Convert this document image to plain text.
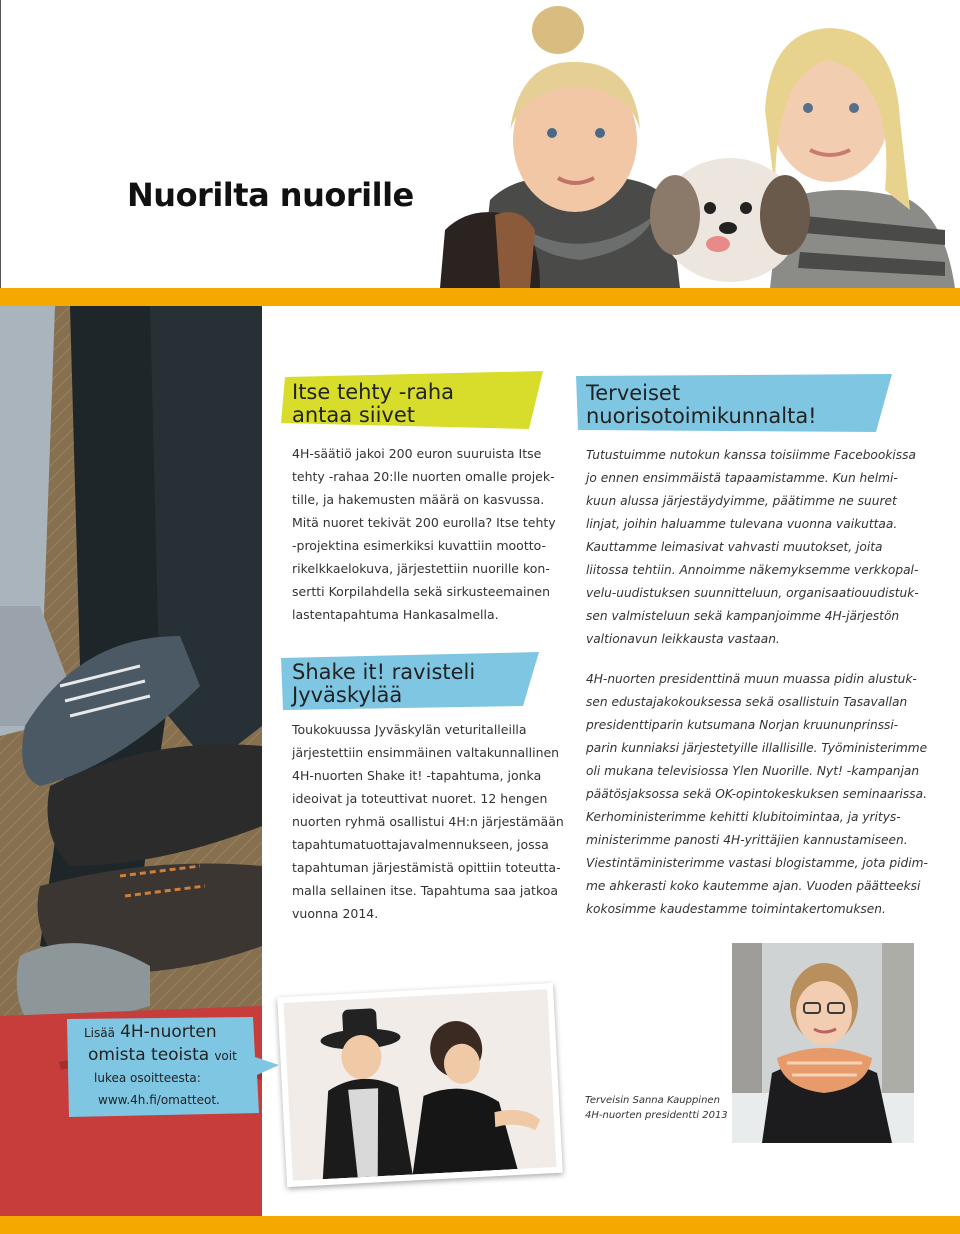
Nuorilta nuorille
Itse tehty -raha
antaa siivet
4H-säätiö jakoi 200 euron suuruista Itse
tehty -rahaa 20:lle nuorten omalle projek-
tille, ja hakemusten määrä on kasvussa.
Mitä nuoret tekivät 200 eurolla? Itse tehty
-projektina esimerkiksi kuvattiin mootto-
rikelkkaelokuva, järjestettiin nuorille kon-
sertti Korpilahdella sekä sirkusteemainen
lastentapahtuma Hankasalmella.
Shake it! ravisteli
Jyväskylää
Toukokuussa Jyväskylän veturitalleilla
järjestettiin ensimmäinen valtakunnallinen
4H-nuorten Shake it! -tapahtuma, jonka
ideoivat ja toteuttivat nuoret. 12 hengen
nuorten ryhmä osallistui 4H:n järjestämään
tapahtumatuottajavalmennukseen, jossa
tapahtuman järjestämistä opittiin toteutta-
malla sellainen itse. Tapahtuma saa jatkoa
vuonna 2014.
Terveiset
nuorisotoimikunnalta!
Tutustuimme nutokun kanssa toisiimme Facebookissa
jo ennen ensimmäistä tapaamistamme. Kun helmi-
kuun alussa järjestäydyimme, päätimme ne suuret
linjat, joihin haluamme tulevana vuonna vaikuttaa.
Kauttamme leimasivat vahvasti muutokset, joita
liitossa tehtiin. Annoimme näkemyksemme verkkopal-
velu-uudistuksen suunnitteluun, organisaatiouudistuk-
sen valmisteluun sekä kampanjoimme 4H-järjestön
valtionavun leikkausta vastaan.
4H-nuorten presidenttinä muun muassa pidin alustuk-
sen edustajakokouksessa sekä osallistuin Tasavallan
presidenttiparin kutsumana Norjan kruununprinssi-
parin kunniaksi järjestetyille illallisille. Työministerimme
oli mukana televisiossa Ylen Nuorille. Nyt! -kampanjan
päätösjaksossa sekä OK-opintokeskuksen seminaarissa.
Kerhoministerimme kehitti klubitoimintaa, ja yritys-
ministerimme panosti 4H-yrittäjien kannustamiseen.
Viestintäministerimme vastasi blogistamme, jota pidim-
me ahkerasti koko kautemme ajan. Vuoden päätteeksi
kokosimme kaudestamme toimintakertomuksen.
Lisää 4H-nuorten
omista teoista voit
lukea osoitteesta:
www.4h.fi/omatteot.	Terveisin Sanna Kauppinen
4H-nuorten presidentti 2013
